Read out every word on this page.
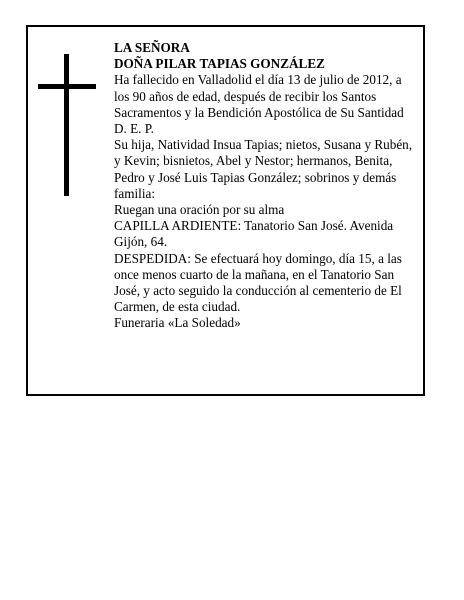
LA SEÑORA

DOÑA PILAR TAPIAS GONZÁLEZ

Ha fallecido en Valladolid el día 13 de julio de 2012, a los 90 años de edad, después de recibir los Santos Sacramentos y la Bendición Apostólica de Su Santidad D. E. P.

Su hija, Natividad Insua Tapias; nietos, Susana y Rubén, y Kevin; bisnietos, Abel y Nestor; hermanos, Benita, Pedro y José Luis Tapias González; sobrinos y demás familia:

Ruegan una oración por su alma

CAPILLA ARDIENTE: Tanatorio San José. Avenida Gijón, 64.

DESPEDIDA: Se efectuará hoy domingo, día 15, a las once menos cuarto de la mañana, en el Tanatorio San José, y acto seguido la conducción al cementerio de El Carmen, de esta ciudad.

Funeraria «La Soledad»
